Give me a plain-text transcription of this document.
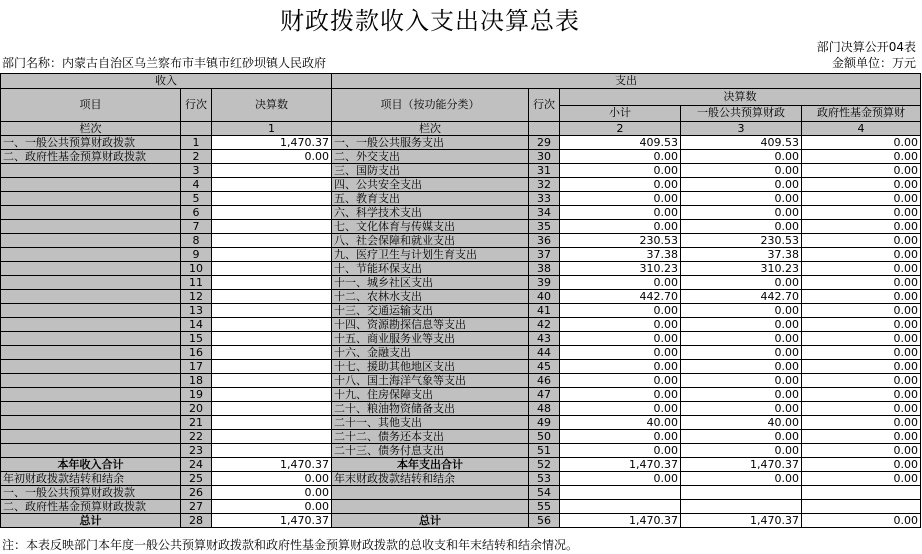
财政拨款收入支出决算总表
部门决算公开04表
部门名称：内蒙古自治区乌兰察布市丰镇市红砂坝镇人民政府	金额单位：万元
收入			支出				
项目	行次	决算数	项目（按功能分类）	行次	决算数		
					小计	一般公共预算财政	政府性基金预算财
栏次		1	栏次		2	3	4
一、一般公共预算财政拨款	1	1,470.37	一、一般公共服务支出	29	409.53	409.53	0.00
二、政府性基金预算财政拨款	2	0.00	二、外交支出	30	0.00	0.00	0.00
	3		三、国防支出	31	0.00	0.00	0.00
	4		四、公共安全支出	32	0.00	0.00	0.00
	5		五、教育支出	33	0.00	0.00	0.00
	6		六、科学技术支出	34	0.00	0.00	0.00
	7		七、文化体育与传媒支出	35	0.00	0.00	0.00
	8		八、社会保障和就业支出	36	230.53	230.53	0.00
	9		九、医疗卫生与计划生育支出	37	37.38	37.38	0.00
	10		十、节能环保支出	38	310.23	310.23	0.00
	11		十一、城乡社区支出	39	0.00	0.00	0.00
	12		十二、农林水支出	40	442.70	442.70	0.00
	13		十三、交通运输支出	41	0.00	0.00	0.00
	14		十四、资源勘探信息等支出	42	0.00	0.00	0.00
	15		十五、商业服务业等支出	43	0.00	0.00	0.00
	16		十六、金融支出	44	0.00	0.00	0.00
	17		十七、援助其他地区支出	45	0.00	0.00	0.00
	18		十八、国土海洋气象等支出	46	0.00	0.00	0.00
	19		十九、住房保障支出	47	0.00	0.00	0.00
	20		二十、粮油物资储备支出	48	0.00	0.00	0.00
	21		二十一、其他支出	49	40.00	40.00	0.00
	22		二十二、债务还本支出	50	0.00	0.00	0.00
	23		二十三、债务付息支出	51	0.00	0.00	0.00
本年收入合计	24	1,470.37	本年支出合计	52	1,470.37	1,470.37	0.00
年初财政拨款结转和结余	25	0.00	年末财政拨款结转和结余	53	0.00	0.00	0.00
一、一般公共预算财政拨款	26	0.00		54			
二、政府性基金预算财政拨款	27	0.00		55			
总计	28	1,470.37	总计	56	1,470.37	1,470.37	0.00
注：本表反映部门本年度一般公共预算财政拨款和政府性基金预算财政拨款的总收支和年末结转和结余情况。
